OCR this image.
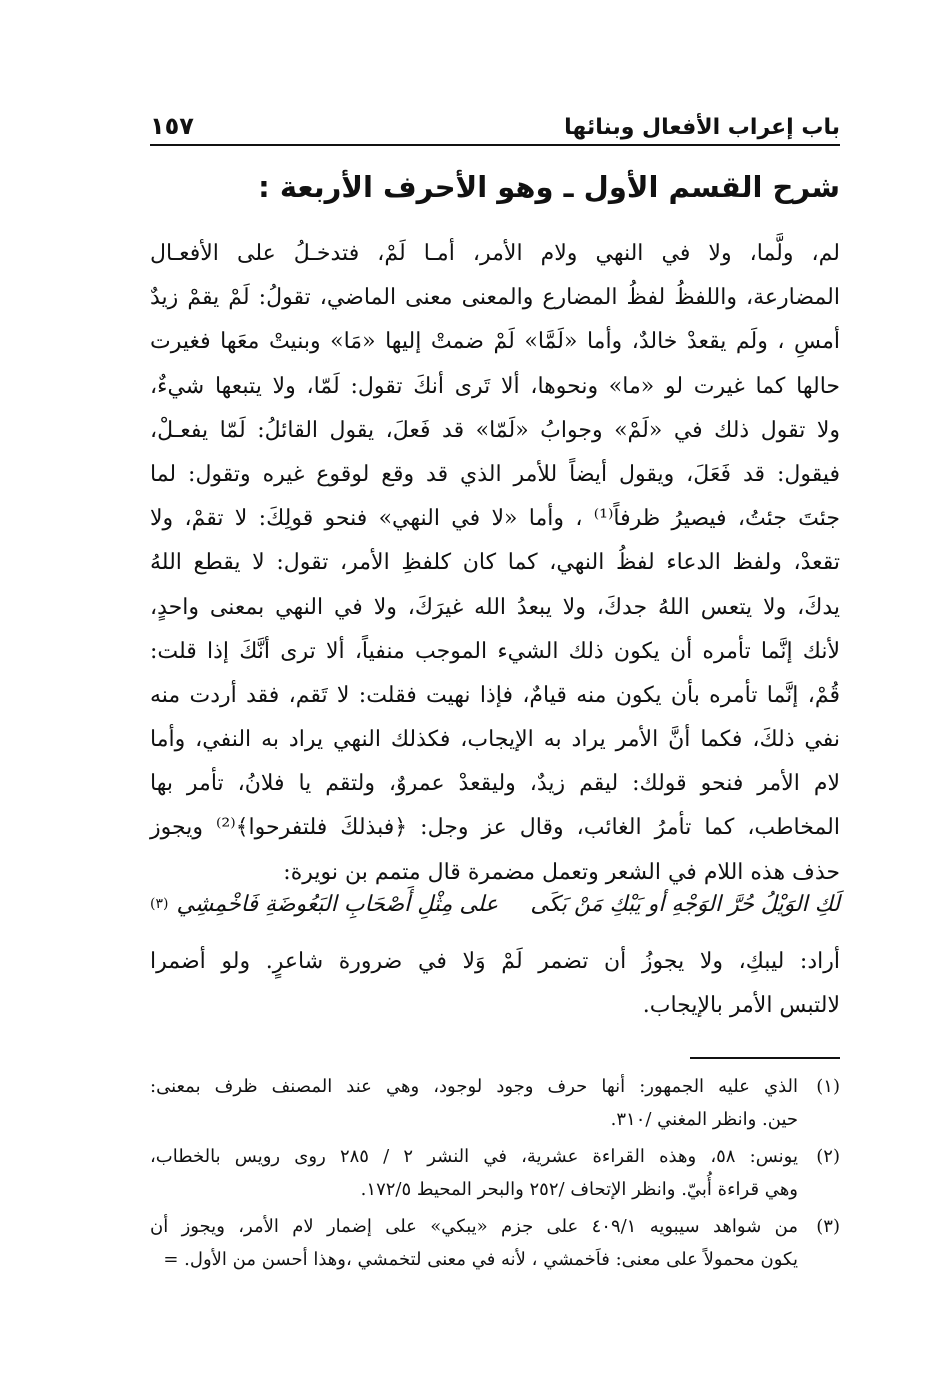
باب إعراب الأفعال وبنائها
١٥٧
شرح القسم الأول ـ وهو الأحرف الأربعة :
لم، ولَّما، ولا في النهي ولام الأمر، أمـا لَمْ، فتدخـلُ على الأفعـال
المضارعة، واللفظُ لفظُ المضارع والمعنى معنى الماضي، تقولُ: لَمْ يقمْ زيدٌ
أمسِ ، ولَم يقعدْ خالدٌ، وأما «لَمَّا» لَمْ ضمتْ إليها «مَا» وبنيتْ معَها فغيرت
حالها كما غيرت لو «ما» ونحوها، ألا تَرى أنكَ تقول: لَمّا، ولا يتبعها شيءٌ،
ولا تقول ذلك في «لَمْ» وجوابُ «لَمّا» قد فَعلَ، يقول القائلُ: لَمّا يفعـلْ،
فيقول: قد فَعَلَ، ويقول أيضاً للأمر الذي قد وقع لوقوع غيره وتقول: لما
جئتَ جئتُ، فيصيرُ ظرفاً⁽¹⁾ ، وأما «لا في النهي» فنحو قولِكَ: لا تقمْ، ولا
تقعدْ، ولفظ الدعاء لفظُ النهي، كما كان كلفظِ الأمر، تقول: لا يقطع اللهُ
يدكَ، ولا يتعس اللهُ جدكَ، ولا يبعدُ الله غيرَكَ، ولا في النهي بمعنى واحدٍ،
لأنك إنَّما تأمره أن يكون ذلك الشيء الموجب منفياً، ألا ترى أنَّكَ إذا قلت:
قُمْ، إنَّما تأمره بأن يكون منه قيامٌ، فإذا نهيت فقلت: لا تَقم، فقد أردت منه
نفي ذلكَ، فكما أنَّ الأمر يراد به الإيجاب، فكذلك النهي يراد به النفي، وأما
لام الأمر فنحو قولك: ليقم زيدٌ، وليقعدْ عمروٌ، ولتقم يا فلانُ، تأمر بها
المخاطب، كما تأمرُ الغائب، وقال عز وجل: ﴿فبذلكَ فلتفرحوا﴾⁽²⁾ ويجوز
حذف هذه اللام في الشعر وتعمل مضمرة قال متمم بن نويرة:
لَكِ الوَيْلُ حُرَّ الوَجْهِ أو يَبْكِ مَنْ بَكَى
على مِثْلِ أَصْحَابِ البَعُوضَةِ فَاخْمِشِي
(٣)
أراد: ليبكِ، ولا يجوزُ أن تضمر لَمْ وَلا في ضرورة شاعرٍ. ولو أضمرا
لالتبس الأمر بالإيجاب.
(١)
الذي عليه الجمهور: أنها حرف وجود لوجود، وهي عند المصنف ظرف بمعنى:
حين. وانظر المغني /٣١٠.
(٢)
يونس: ٥٨، وهذه القراءة عشرية، في النشر ٢ / ٢٨٥ روى رويس بالخطاب،
وهي قراءة أُبيّ. وانظر الإتحاف /٢٥٢ والبحر المحيط ١٧٢/٥.
(٣)
من شواهد سيبويه ٤٠٩/١ على جزم «يبكي» على إضمار لام الأمر، ويجوز أن
يكون محمولاً على معنى: فاَخمشي ، لأنه في معنى لتخمشي ،وهذا أحسن من الأول. =
